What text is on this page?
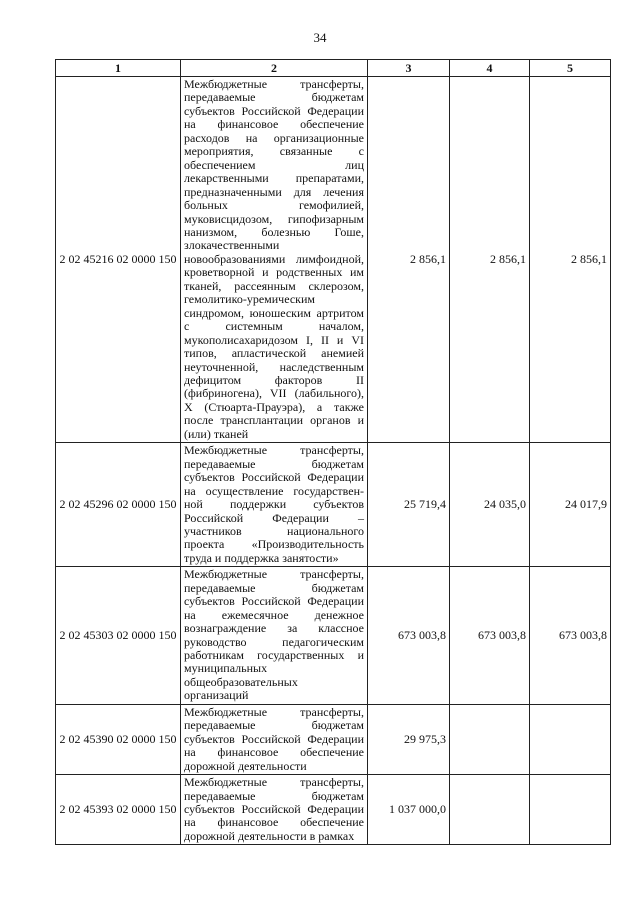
34
1	2	3	4	5
2 02 45216 02 0000 150	Межбюджетные трансферты, передаваемые бюджетам субъектов Российской Федерации на финансовое обеспечение расходов на организационные мероприятия, связанные с обеспечением лиц лекарственными препаратами, предназначенными для лечения больных гемофилией, муковисцидозом, гипофизарным нанизмом, болезнью Гоше, злокачественными новообразованиями лимфоидной, кроветворной и родственных им тканей, рассеянным склерозом, гемолитико-уремическим синдромом, юношеским артритом с системным началом, мукополисахаридозом I, II и VI типов, апластической анемией неуточненной, наследственным дефицитом факторов II (фибриногена), VII (лабильного), X (Стюарта-Прауэра), а также после трансплантации органов и (или) тканей	2 856,1	2 856,1	2 856,1
2 02 45296 02 0000 150	Межбюджетные трансферты, передаваемые бюджетам субъектов Российской Федерации на осуществление государствен-ной поддержки субъектов Российской Федерации – участников национального проекта «Производительность труда и поддержка занятости»	25 719,4	24 035,0	24 017,9
2 02 45303 02 0000 150	Межбюджетные трансферты, передаваемые бюджетам субъектов Российской Федерации на ежемесячное денежное вознаграждение за классное руководство педагогическим работникам государственных и муниципальных общеобразовательных организаций	673 003,8	673 003,8	673 003,8
2 02 45390 02 0000 150	Межбюджетные трансферты, передаваемые бюджетам субъектов Российской Федерации на финансовое обеспечение дорожной деятельности	29 975,3		
2 02 45393 02 0000 150	Межбюджетные трансферты, передаваемые бюджетам субъектов Российской Федерации на финансовое обеспечение дорожной деятельности в рамках	1 037 000,0		
